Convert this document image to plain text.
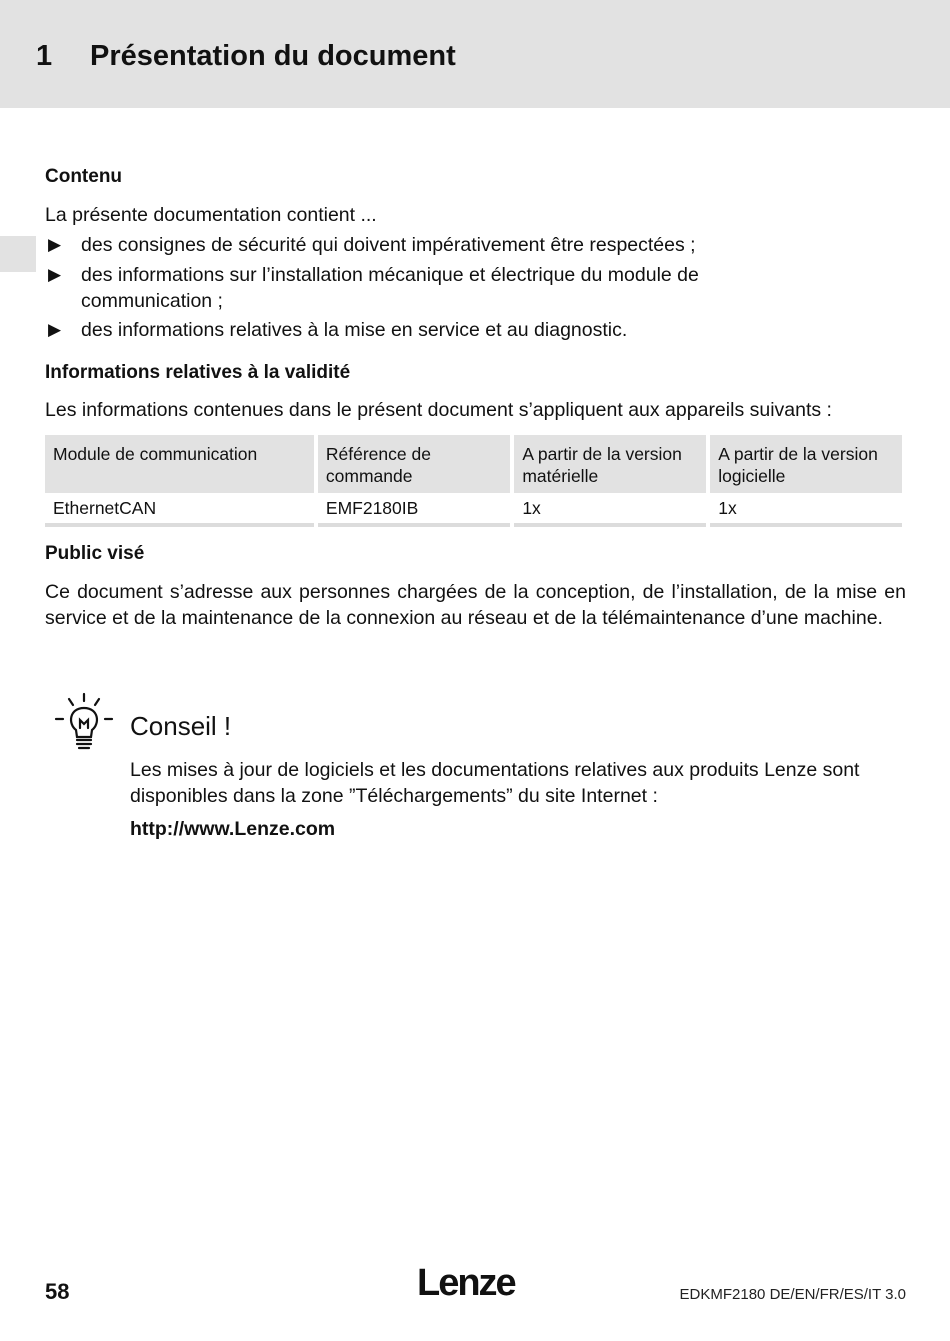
1 Présentation du document
Contenu
La présente documentation contient ...
▶	des consignes de sécurité qui doivent impérativement être respectées ;
▶	des informations sur l’installation mécanique et électrique du module de communication ;
▶	des informations relatives à la mise en service et au diagnostic.
Informations relatives à la validité
Les informations contenues dans le présent document s’appliquent aux appareils suivants :
Module de communication	Référence de commande	A partir de la version matérielle	A partir de la version logicielle
EthernetCAN	EMF2180IB	1x	1x
Public visé
Ce document s’adresse aux personnes chargées de la conception, de l’installation, de la mise en service et de la maintenance de la connexion au réseau et de la télémaintenance d’une machine.
Conseil !
Les mises à jour de logiciels et les documentations relatives aux produits Lenze sont disponibles dans la zone ”Téléchargements” du site Internet :
http://www.Lenze.com
58	Lenze	EDKMF2180 DE/EN/FR/ES/IT 3.0
